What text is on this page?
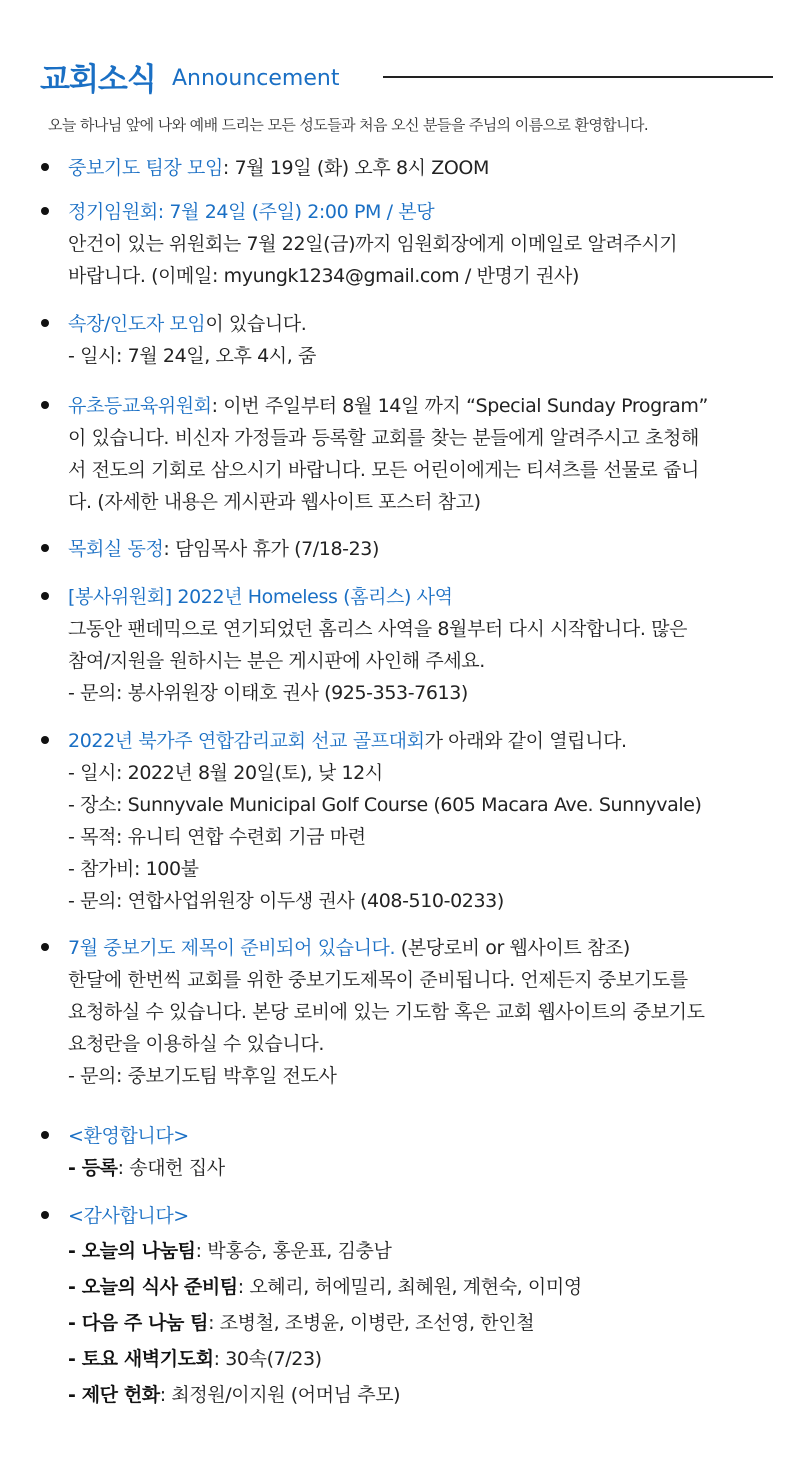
교회소식 Announcement
오늘 하나님 앞에 나와 예배 드리는 모든 성도들과 처음 오신 분들을 주님의 이름으로 환영합니다.
중보기도 팀장 모임: 7월 19일 (화) 오후 8시 ZOOM
정기임원회: 7월 24일 (주일) 2:00 PM / 본당
안건이 있는 위원회는 7월 22일(금)까지 임원회장에게 이메일로 알려주시기
바랍니다. (이메일: myungk1234@gmail.com / 반명기 권사)
속장/인도자 모임이 있습니다.
- 일시: 7월 24일, 오후 4시, 줌
유초등교육위원회: 이번 주일부터 8월 14일 까지 “Special Sunday Program”
이 있습니다. 비신자 가정들과 등록할 교회를 찾는 분들에게 알려주시고 초청해
서 전도의 기회로 삼으시기 바랍니다. 모든 어린이에게는 티셔츠를 선물로 줍니
다. (자세한 내용은 게시판과 웹사이트 포스터 참고)
목회실 동정: 담임목사 휴가 (7/18-23)
[봉사위원회] 2022년 Homeless (홈리스) 사역
그동안 팬데믹으로 연기되었던 홈리스 사역을 8월부터 다시 시작합니다. 많은
참여/지원을 원하시는 분은 게시판에 사인해 주세요.
- 문의: 봉사위원장 이태호 권사 (925-353-7613)
2022년 북가주 연합감리교회 선교 골프대회가 아래와 같이 열립니다.
- 일시: 2022년 8월 20일(토), 낮 12시
- 장소: Sunnyvale Municipal Golf Course (605 Macara Ave. Sunnyvale)
- 목적: 유니티 연합 수련회 기금 마련
- 참가비: 100불
- 문의: 연합사업위원장 이두생 권사 (408-510-0233)
7월 중보기도 제목이 준비되어 있습니다. (본당로비 or 웹사이트 참조)
한달에 한번씩 교회를 위한 중보기도제목이 준비됩니다. 언제든지 중보기도를
요청하실 수 있습니다. 본당 로비에 있는 기도함 혹은 교회 웹사이트의 중보기도
요청란을 이용하실 수 있습니다.
- 문의: 중보기도팀 박후일 전도사
<환영합니다>
- 등록: 송대헌 집사
<감사합니다>
- 오늘의 나눔팀: 박홍승, 홍운표, 김충남
- 오늘의 식사 준비팀: 오혜리, 허에밀리, 최혜원, 계현숙, 이미영
- 다음 주 나눔 팀: 조병철, 조병윤, 이병란, 조선영, 한인철
- 토요 새벽기도회: 30속(7/23)
- 제단 헌화: 최정원/이지원 (어머님 추모)
